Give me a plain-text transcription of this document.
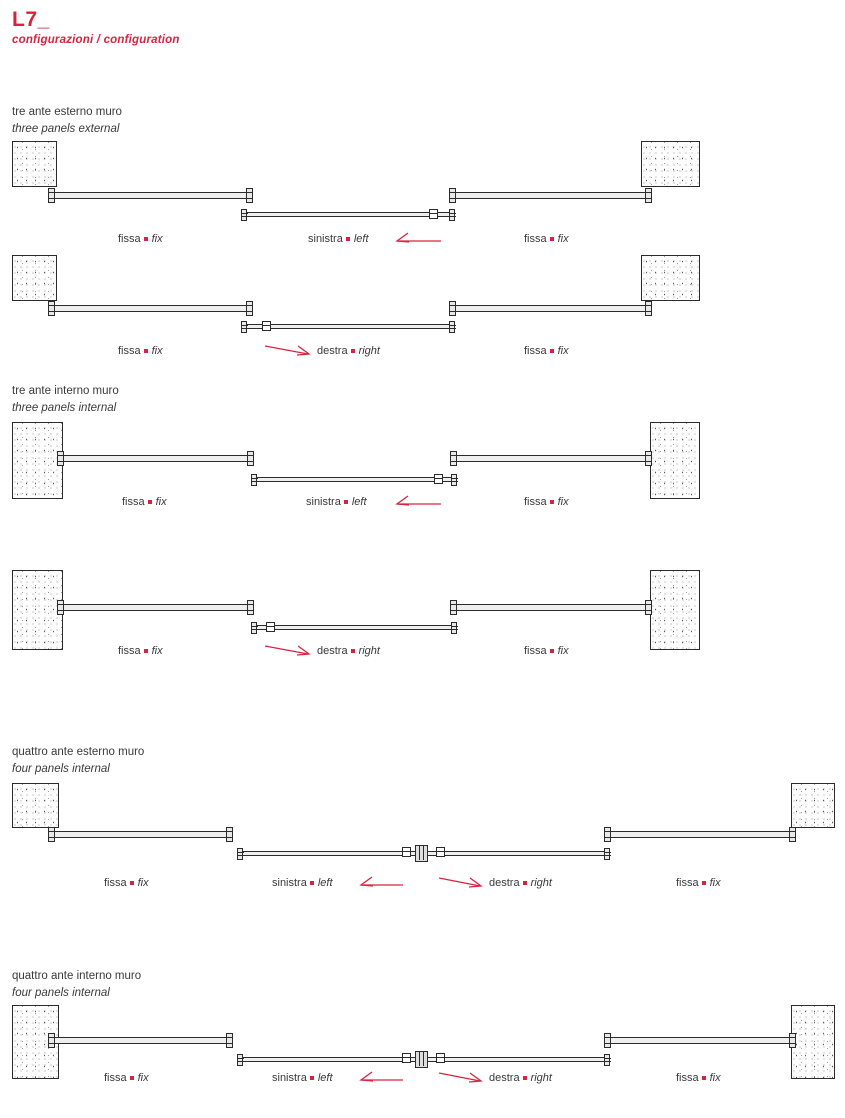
L7_
configurazioni / configuration
tre ante esterno muro
three panels external
fissa fix	sinistra left	fissa fix
fissa fix	destra right	fissa fix
tre ante interno muro
three panels internal
fissa fix	sinistra left	fissa fix
fissa fix	destra right	fissa fix
quattro ante esterno muro
four panels internal
fissa fix	sinistra left	destra right	fissa fix
quattro ante interno muro
four panels internal
fissa fix	sinistra left	destra right	fissa fix
